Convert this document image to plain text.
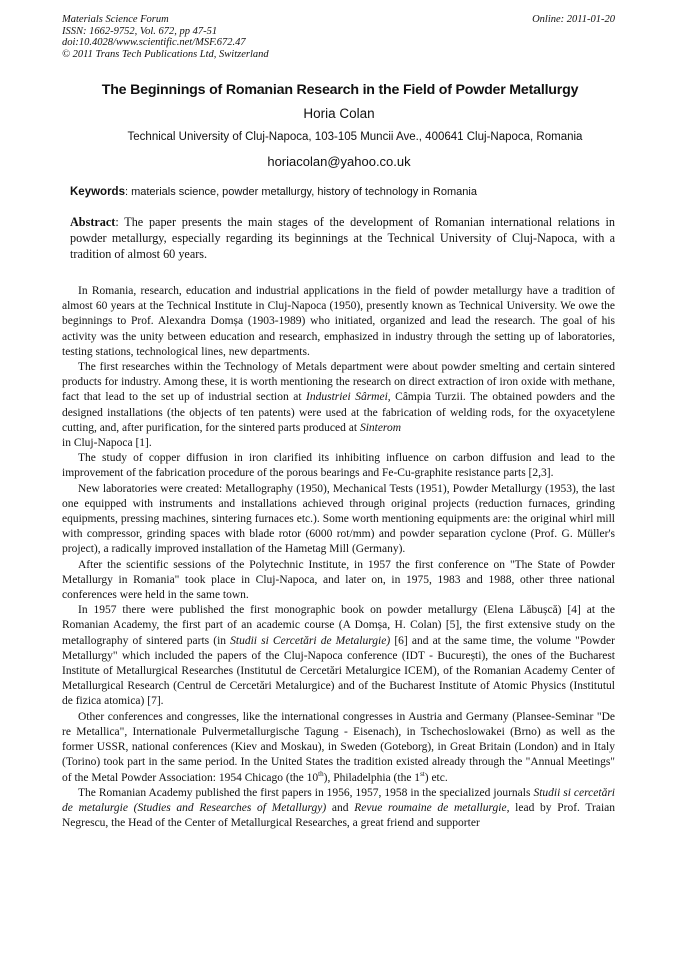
Materials Science Forum
ISSN: 1662-9752, Vol. 672, pp 47-51
doi:10.4028/www.scientific.net/MSF.672.47
© 2011 Trans Tech Publications Ltd, Switzerland
Online: 2011-01-20
The Beginnings of Romanian Research in the Field of Powder Metallurgy
Horia Colan
Technical University of Cluj-Napoca, 103-105 Muncii Ave., 400641 Cluj-Napoca, Romania
horiacolan@yahoo.co.uk
Keywords: materials science, powder metallurgy, history of technology in Romania
Abstract: The paper presents the main stages of the development of Romanian international relations in powder metallurgy, especially regarding its beginnings at the Technical University of Cluj-Napoca, with a tradition of almost 60 years.

In Romania, research, education and industrial applications in the field of powder metallurgy have a tradition of almost 60 years at the Technical Institute in Cluj-Napoca (1950), presently known as Technical University. We owe the beginnings to Prof. Alexandra Domșa (1903-1989) who initiated, organized and lead the research. The goal of his activity was the unity between education and research, emphasized in industry through the setting up of laboratories, testing stations, technological lines, new departments.

The first researches within the Technology of Metals department were about powder smelting and certain sintered products for industry. Among these, it is worth mentioning the research on direct extraction of iron oxide with methane, fact that lead to the set up of industrial section at Industriei Sârmei, Câmpia Turzii. The obtained powders and the designed installations (the objects of ten patents) were used at the fabrication of welding rods, for the oxyacetylene cutting, and, after purification, for the sintered parts produced at Sinterom
in Cluj-Napoca [1].

The study of copper diffusion in iron clarified its inhibiting influence on carbon diffusion and lead to the improvement of the fabrication procedure of the porous bearings and Fe-Cu-graphite resistance parts [2,3].

New laboratories were created: Metallography (1950), Mechanical Tests (1951), Powder Metallurgy (1953), the last one equipped with instruments and installations achieved through original projects (reduction furnaces, grinding equipments, pressing machines, sintering furnaces etc.). Some worth mentioning equipments are: the original whirl mill with compressor, grinding spaces with blade rotor (6000 rot/mm) and powder separation cyclone (Prof. G. Müller's project), a radically improved installation of the Hametag Mill (Germany).

After the scientific sessions of the Polytechnic Institute, in 1957 the first conference on "The State of Powder Metallurgy in Romania" took place in Cluj-Napoca, and later on, in 1975, 1983 and 1988, other three national conferences were held in the same town.

In 1957 there were published the first monographic book on powder metallurgy (Elena Lăbușcă) [4] at the Romanian Academy, the first part of an academic course (A Domșa, H. Colan) [5], the first extensive study on the metallography of sintered parts (in Studii si Cercetări de Metalurgie) [6] and at the same time, the volume "Powder Metallurgy" which included the papers of the Cluj-Napoca conference (IDT - București), the ones of the Bucharest Institute of Metallurgical Researches (Institutul de Cercetări Metalurgice ICEM), of the Romanian Academy Center of Metallurgical Research (Centrul de Cercetări Metalurgice) and of the Bucharest Institute of Atomic Physics (Institutul de fizica atomica) [7].

Other conferences and congresses, like the international congresses in Austria and Germany (Plansee-Seminar "De re Metallica", Internationale Pulvermetallurgische Tagung - Eisenach), in Tschechoslowakei (Brno) as well as the former USSR, national conferences (Kiev and Moskau), in Sweden (Goteborg), in Great Britain (London) and in Italy (Torino) took part in the same period. In the United States the tradition existed already through the "Annual Meetings" of the Metal Powder Association: 1954 Chicago (the 10th), Philadelphia (the 1st) etc.

The Romanian Academy published the first papers in 1956, 1957, 1958 in the specialized journals Studii si cercetări de metalurgie (Studies and Researches of Metallurgy) and Revue roumaine de metallurgie, lead by Prof. Traian Negrescu, the Head of the Center of Metallurgical Researches, a great friend and supporter
